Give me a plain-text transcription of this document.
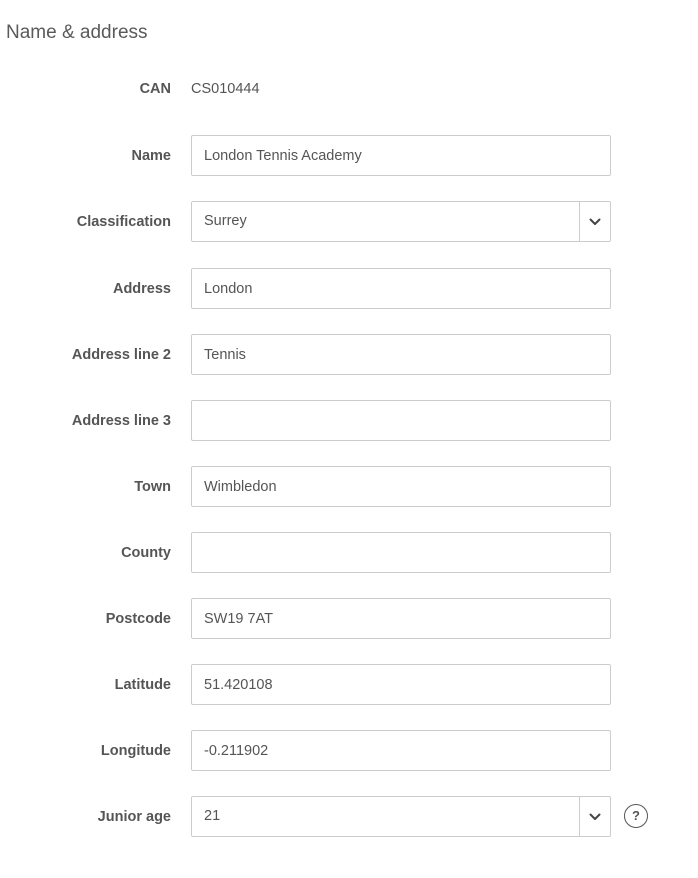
Name & address
CAN CS010444
Name
London Tennis Academy
Classification Surrey
Address
London
Address line 2
Tennis
Address line 3
Town
Wimbledon
County
Postcode
SW19 7AT
Latitude
51.420108
Longitude
-0.211902
Junior age 21	?
